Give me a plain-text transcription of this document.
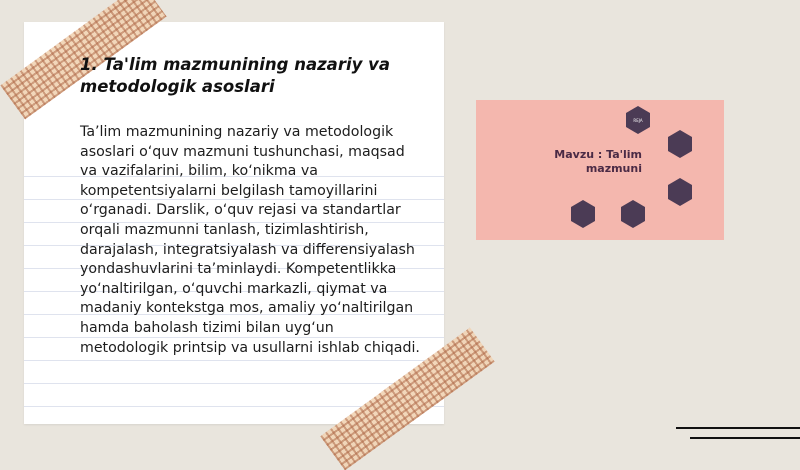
1. Ta'lim mazmunining nazariy va metodologik asoslari

Ta’lim mazmunining nazariy va metodologik asoslari o‘quv mazmuni tushunchasi, maqsad va vazifalarini, bilim, ko‘nikma va kompetentsiyalarni belgilash tamoyillarini o‘rganadi. Darslik, o‘quv rejasi va standartlar orqali mazmunni tanlash, tizimlashtirish, darajalash, integratsiyalash va differensiyalash yondashuvlarini ta’minlaydi. Kompetentlikka yo‘naltirilgan, o‘quvchi markazli, qiymat va madaniy kontekstga mos, amaliy yo‘naltirilgan hamda baholash tizimi bilan uyg‘un metodologik printsip va usullarni ishlab chiqadi.

REJA

Mavzu : Ta'lim mazmuni
